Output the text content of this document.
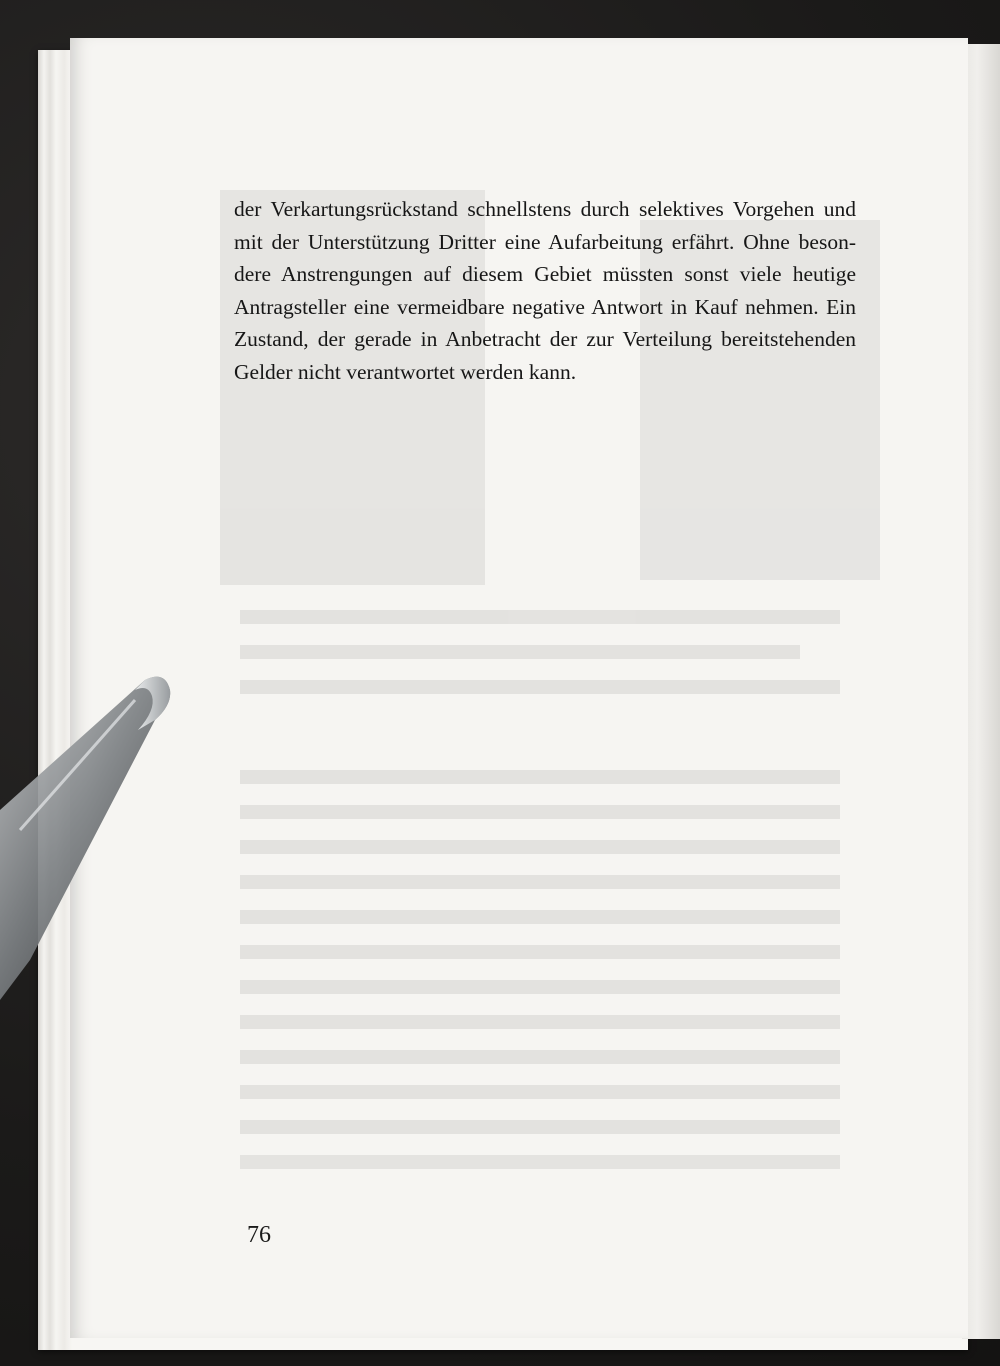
der Verkartungsrückstand schnellstens durch selektives Vorgehen und
mit der Unterstützung Dritter eine Aufarbeitung erfährt. Ohne beson-
dere Anstrengungen auf diesem Gebiet müssten sonst viele heutige
Antragsteller eine vermeidbare negative Antwort in Kauf nehmen. Ein
Zustand, der gerade in Anbetracht der zur Verteilung bereitstehenden
Gelder nicht verantwortet werden kann.

76
